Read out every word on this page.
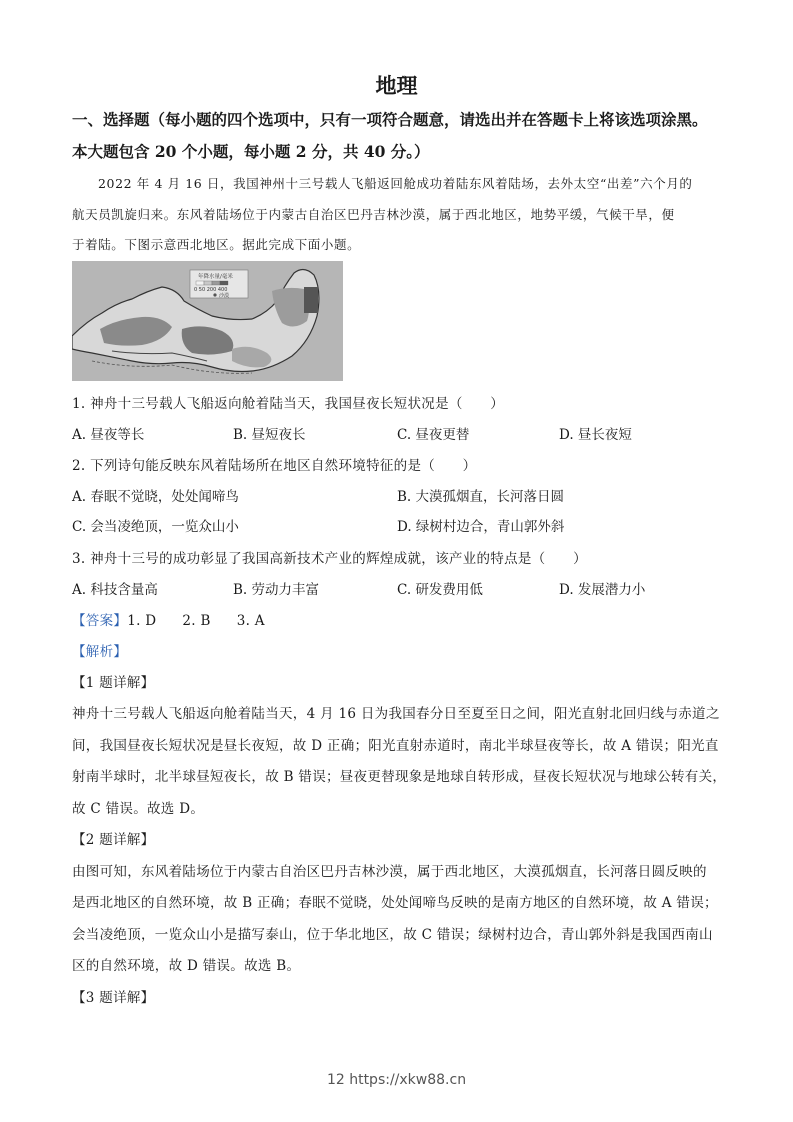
地理
一、选择题（每小题的四个选项中，只有一项符合题意，请选出并在答题卡上将该选项涂黑。
本大题包含 20 个小题，每小题 2 分，共 40 分。）
2022 年 4 月 16 日，我国神州十三号载人飞船返回舱成功着陆东风着陆场，去外太空“出差”六个月的
航天员凯旋归来。东风着陆场位于内蒙古自治区巴丹吉林沙漠，属于西北地区，地势平缓，气候干旱，便
于着陆。下图示意西北地区。据此完成下面小题。
年降水量/毫米
0 50 200 400
沙漠
1. 神舟十三号载人飞船返向舱着陆当天，我国昼夜长短状况是（　　）
A. 昼夜等长	B. 昼短夜长	C. 昼夜更替	D. 昼长夜短
2. 下列诗句能反映东风着陆场所在地区自然环境特征的是（　　）
A. 春眠不觉晓，处处闻啼鸟	B. 大漠孤烟直，长河落日圆
C. 会当凌绝顶，一览众山小	D. 绿树村边合，青山郭外斜
3. 神舟十三号的成功彰显了我国高新技术产业的辉煌成就，该产业的特点是（　　）
A. 科技含量高	B. 劳动力丰富	C. 研发费用低	D. 发展潜力小
【答案】1. D 2. B 3. A
【解析】
【1 题详解】
神舟十三号载人飞船返向舱着陆当天，4 月 16 日为我国春分日至夏至日之间，阳光直射北回归线与赤道之
间，我国昼夜长短状况是昼长夜短，故 D 正确；阳光直射赤道时，南北半球昼夜等长，故 A 错误；阳光直
射南半球时，北半球昼短夜长，故 B 错误；昼夜更替现象是地球自转形成，昼夜长短状况与地球公转有关，
故 C 错误。故选 D。
【2 题详解】
由图可知，东风着陆场位于内蒙古自治区巴丹吉林沙漠，属于西北地区，大漠孤烟直，长河落日圆反映的
是西北地区的自然环境，故 B 正确；春眠不觉晓，处处闻啼鸟反映的是南方地区的自然环境，故 A 错误；
会当凌绝顶，一览众山小是描写泰山，位于华北地区，故 C 错误；绿树村边合，青山郭外斜是我国西南山
区的自然环境，故 D 错误。故选 B。
【3 题详解】
12 https://xkw88.cn
